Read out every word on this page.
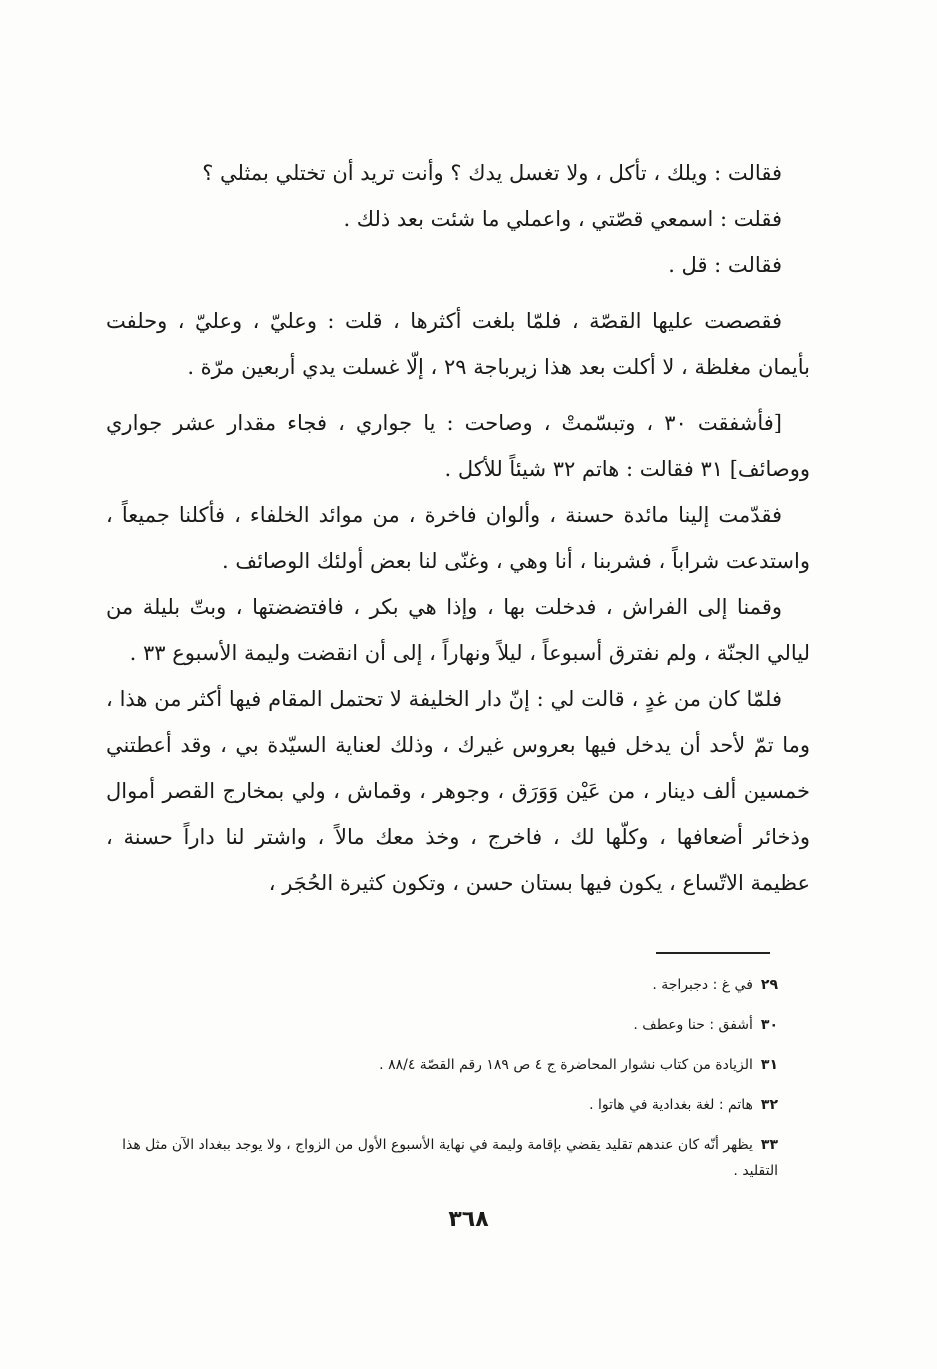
فقالت : ويلك ، تأكل ، ولا تغسل يدك ؟ وأنت تريد أن تختلي بمثلي ؟

فقلت : اسمعي قصّتي ، واعملي ما شئت بعد ذلك .

فقالت : قل .

فقصصت عليها القصّة ، فلمّا بلغت أكثرها ، قلت : وعليّ ، وعليّ ، وحلفت بأيمان مغلظة ، لا أكلت بعد هذا زيرباجة ٢٩ ، إلّا غسلت يدي أربعين مرّة .

[فأشفقت ٣٠ ، وتبسّمتْ ، وصاحت : يا جواري ، فجاء مقدار عشر جواري ووصائف] ٣١ فقالت : هاتم ٣٢ شيئاً للأكل .

فقدّمت إلينا مائدة حسنة ، وألوان فاخرة ، من موائد الخلفاء ، فأكلنا جميعاً ، واستدعت شراباً ، فشربنا ، أنا وهي ، وغنّى لنا بعض أولئك الوصائف .

وقمنا إلى الفراش ، فدخلت بها ، وإذا هي بكر ، فافتضضتها ، وبتّ بليلة من ليالي الجنّة ، ولم نفترق أسبوعاً ، ليلاً ونهاراً ، إلى أن انقضت وليمة الأسبوع ٣٣ .

فلمّا كان من غدٍ ، قالت لي : إنّ دار الخليفة لا تحتمل المقام فيها أكثر من هذا ، وما تمّ لأحد أن يدخل فيها بعروس غيرك ، وذلك لعناية السيّدة بي ، وقد أعطتني خمسين ألف دينار ، من عَيْن وَوَرَق ، وجوهر ، وقماش ، ولي بمخارج القصر أموال وذخائر أضعافها ، وكلّها لك ، فاخرج ، وخذ معك مالاً ، واشتر لنا داراً حسنة ، عظيمة الاتّساع ، يكون فيها بستان حسن ، وتكون كثيرة الحُجَر ،

٢٩في غ : دجبراجة .

٣٠أشفق : حنا وعطف .

٣١الزيادة من كتاب نشوار المحاضرة ج ٤ ص ١٨٩ رقم القصّة ٨٨/٤ .

٣٢هاتم : لغة بغدادية في هاتوا .

٣٣يظهر أنّه كان عندهم تقليد يقضي بإقامة وليمة في نهاية الأسبوع الأول من الزواج ، ولا يوجد ببغداد الآن مثل هذا التقليد .

٣٦٨
